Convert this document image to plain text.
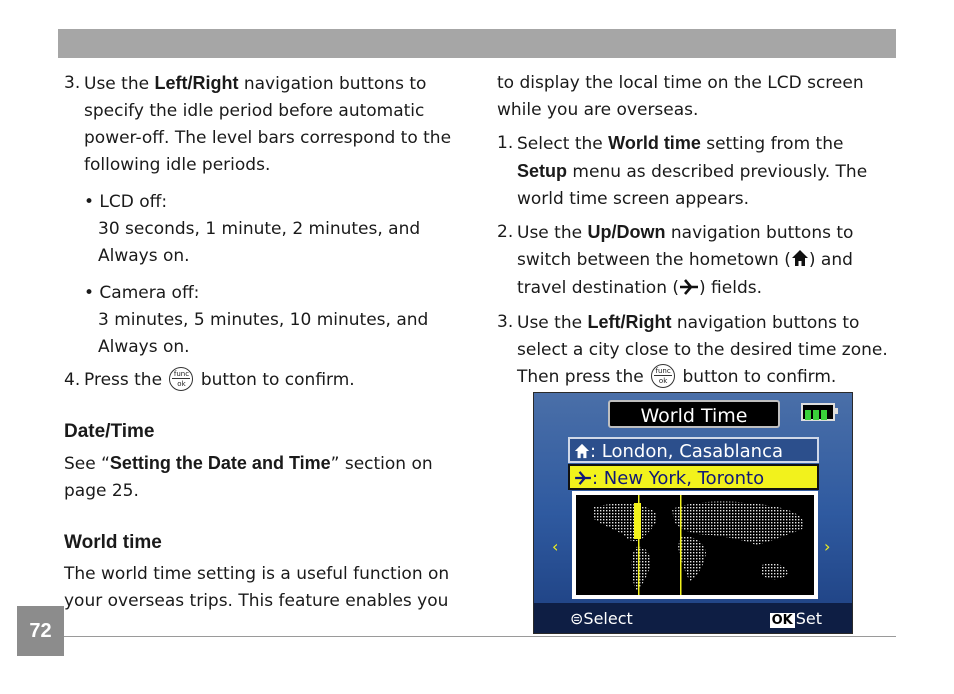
3. Use the Left/Right navigation buttons to specify the idle period before automatic power-off. The level bars correspond to the following idle periods.
• LCD off:
30 seconds, 1 minute, 2 minutes, and Always on.
• Camera off:
3 minutes, 5 minutes, 10 minutes, and Always on.
4. Press the func
ok button to confirm.
Date/Time
See “Setting the Date and Time” section on page 25.
World time
The world time setting is a useful function on your overseas trips. This feature enables you
to display the local time on the LCD screen while you are overseas.
1. Select the World time setting from the Setup menu as described previously. The world time screen appears.
2. Use the Up/Down navigation buttons to switch between the hometown ( ) and travel destination ( ) fields.
3. Use the Left/Right navigation buttons to select a city close to the desired time zone. Then press the func
ok button to confirm.
World Time
: London, Casablanca
: New York, Toronto
‹	›
⊜Select	OK Set
72
